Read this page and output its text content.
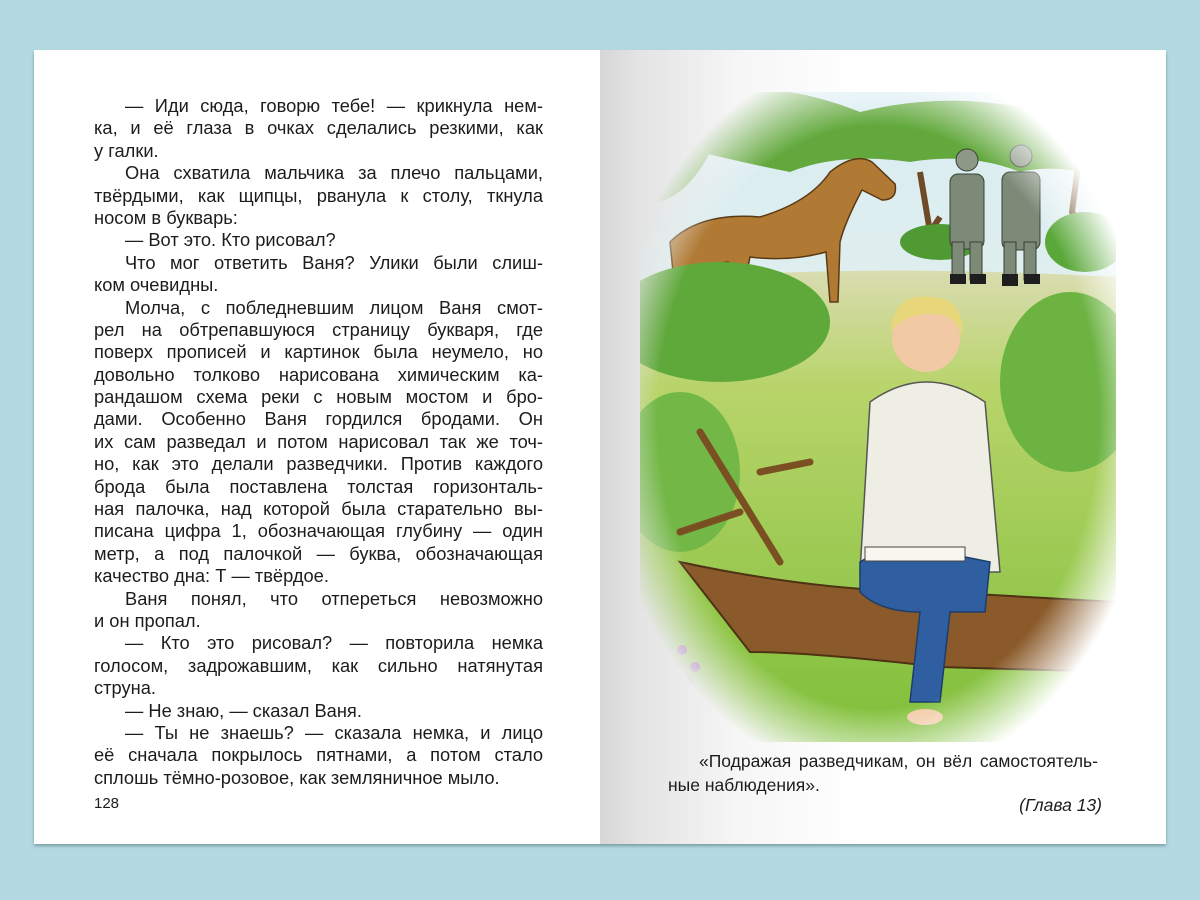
— Иди сюда, говорю тебе! — крикнула нем-
ка, и её глаза в очках сделались резкими, как
у галки.
Она схватила мальчика за плечо пальцами,
твёрдыми, как щипцы, рванула к столу, ткнула
носом в букварь:
— Вот это. Кто рисовал?
Что мог ответить Ваня? Улики были слиш-
ком очевидны.
Молча, с побледневшим лицом Ваня смот-
рел на обтрепавшуюся страницу букваря, где
поверх прописей и картинок была неумело, но
довольно толково нарисована химическим ка-
рандашом схема реки с новым мостом и бро-
дами. Особенно Ваня гордился бродами. Он
их сам разведал и потом нарисовал так же точ-
но, как это делали разведчики. Против каждого
брода была поставлена толстая горизонталь-
ная палочка, над которой была старательно вы-
писана цифра 1, обозначающая глубину — один
метр, а под палочкой — буква, обозначающая
качество дна: Т — твёрдое.
Ваня понял, что отпереться невозможно
и он пропал.
— Кто это рисовал? — повторила немка
голосом, задрожавшим, как сильно натянутая
струна.
— Не знаю, — сказал Ваня.
— Ты не знаешь? — сказала немка, и лицо
её сначала покрылось пятнами, а потом стало
сплошь тёмно-розовое, как земляничное мыло.
128
«Подражая разведчикам, он вёл самостоятель-
ные наблюдения».
(Глава 13)
